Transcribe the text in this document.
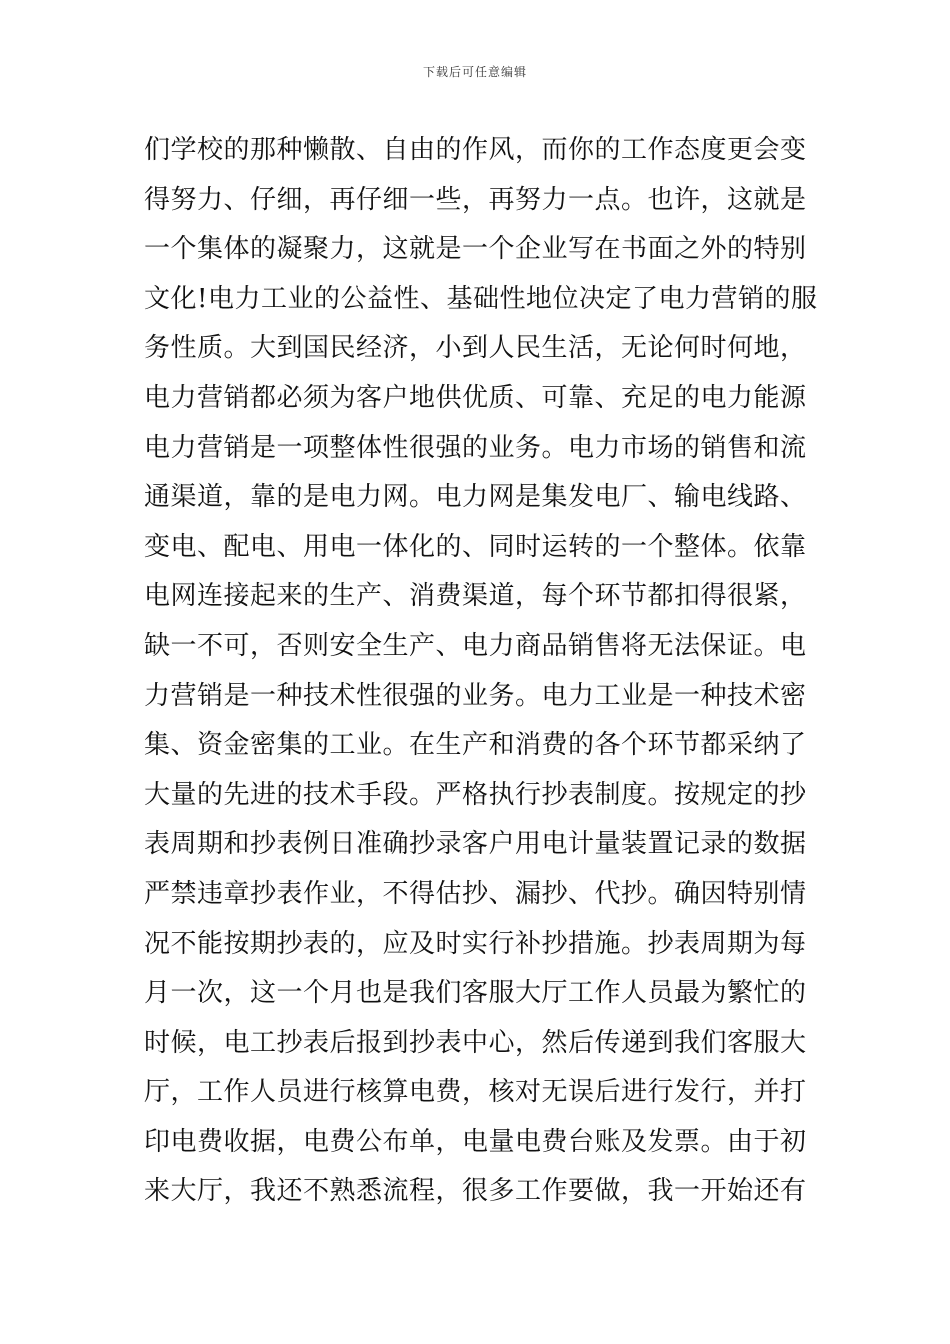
下载后可任意编辑
们学校的那种懒散、自由的作风，而你的工作态度更会变
得努力、仔细，再仔细一些，再努力一点。也许，这就是
一个集体的凝聚力，这就是一个企业写在书面之外的特别
文化!电力工业的公益性、基础性地位决定了电力营销的服
务性质。大到国民经济，小到人民生活，无论何时何地，
电力营销都必须为客户地供优质、可靠、充足的电力能源
电力营销是一项整体性很强的业务。电力市场的销售和流
通渠道，靠的是电力网。电力网是集发电厂、输电线路、
变电、配电、用电一体化的、同时运转的一个整体。依靠
电网连接起来的生产、消费渠道，每个环节都扣得很紧，
缺一不可，否则安全生产、电力商品销售将无法保证。电
力营销是一种技术性很强的业务。电力工业是一种技术密
集、资金密集的工业。在生产和消费的各个环节都采纳了
大量的先进的技术手段。严格执行抄表制度。按规定的抄
表周期和抄表例日准确抄录客户用电计量装置记录的数据
严禁违章抄表作业，不得估抄、漏抄、代抄。确因特别情
况不能按期抄表的，应及时实行补抄措施。抄表周期为每
月一次，这一个月也是我们客服大厅工作人员最为繁忙的
时候，电工抄表后报到抄表中心，然后传递到我们客服大
厅，工作人员进行核算电费，核对无误后进行发行，并打
印电费收据，电费公布单，电量电费台账及发票。由于初
来大厅，我还不熟悉流程，很多工作要做，我一开始还有
